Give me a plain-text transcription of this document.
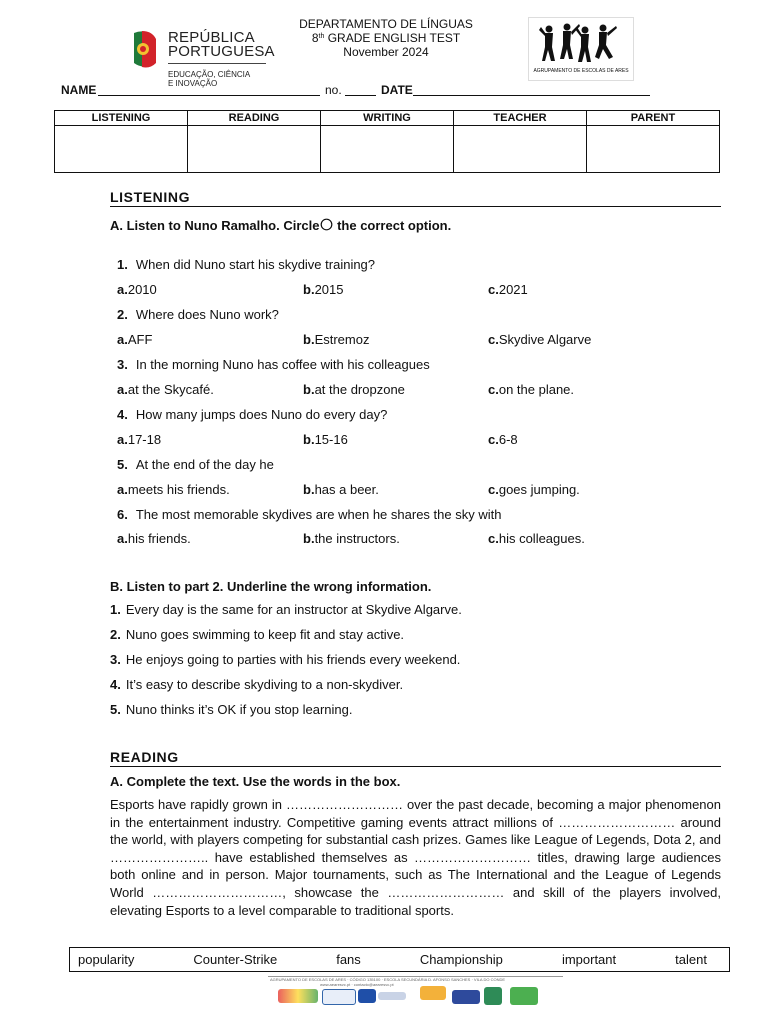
REPÚBLICA
PORTUGUESA
EDUCAÇÃO, CIÊNCIA
E INOVAÇÃO
DEPARTAMENTO DE LÍNGUAS
8th GRADE ENGLISH TEST
November 2024
AGRUPAMENTO DE ESCOLAS DE ARES
NAME	no.	DATE
LISTENING	READING	WRITING	TEACHER	PARENT

LISTENING
A. Listen to Nuno Ramalho. Circle the correct option.
1. When did Nuno start his skydive training?
a.2010	b.2015	c.2021
2. Where does Nuno work?
a.AFF	b.Estremoz	c.Skydive Algarve
3. In the morning Nuno has coffee with his colleagues
a.at the Skycafé.	b.at the dropzone	c.on the plane.
4. How many jumps does Nuno do every day?
a.17-18	b.15-16	c.6-8
5. At the end of the day he
a.meets his friends.	b.has a beer.	c.goes jumping.
6. The most memorable skydives are when he shares the sky with
a.his friends.	b.the instructors.	c.his colleagues.
B. Listen to part 2. Underline the wrong information.
1. Every day is the same for an instructor at Skydive Algarve.
2. Nuno goes swimming to keep fit and stay active.
3. He enjoys going to parties with his friends every weekend.
4. It’s easy to describe skydiving to a non-skydiver.
5. Nuno thinks it’s OK if you stop learning.
READING
A. Complete the text. Use the words in the box.
Esports have rapidly grown in ……………………… over the past decade, becoming a major phenomenon in the entertainment industry. Competitive gaming events attract millions of ……………………… around the world, with players competing for substantial cash prizes. Games like League of Legends, Dota 2, and ………………….. have established themselves as ……………………… titles, drawing large audiences both online and in person. Major tournaments, such as The International and the League of Legends World …………………………, showcase the ……………………… and skill of the players involved, elevating Esports to a level comparable to traditional sports.
popularity	Counter-Strike	fans	Championship	important	talent
AGRUPAMENTO DE ESCOLAS DE ARES · CÓDIGO 135100 · ESCOLA SECUNDÁRIA D. AFONSO SANCHES · VILA DO CONDE
www.aearesvc.pt · contacto@aearesvc.pt
